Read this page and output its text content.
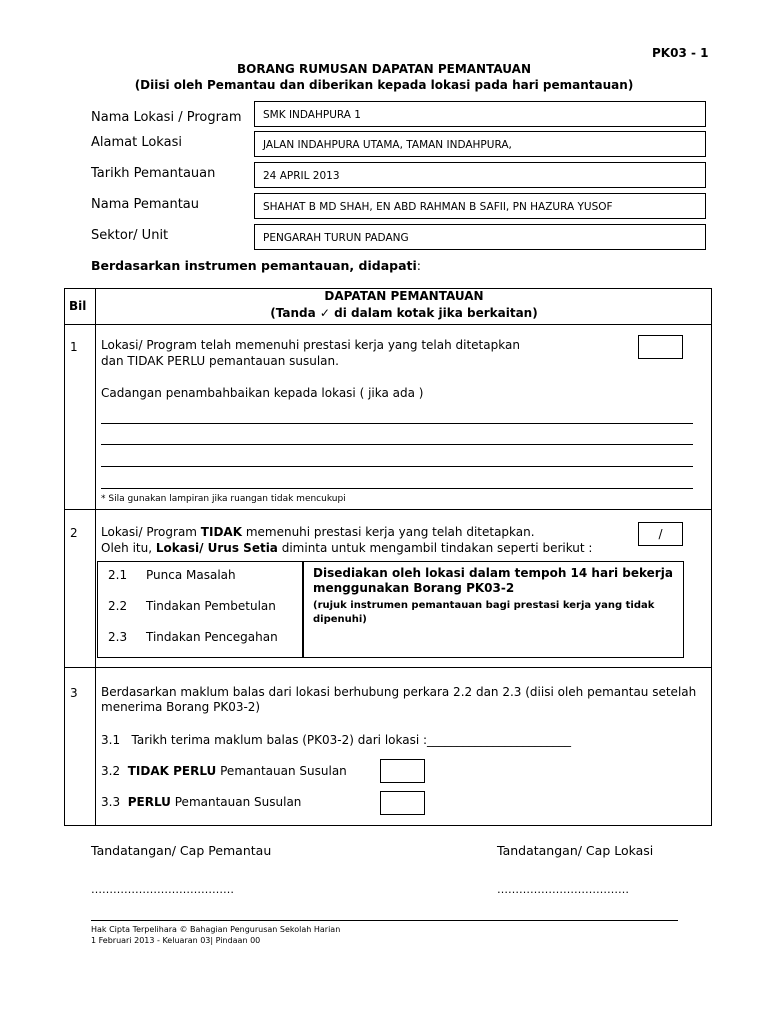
PK03 - 1
BORANG RUMUSAN DAPATAN PEMANTAUAN
(Diisi oleh Pemantau dan diberikan kepada lokasi pada hari pemantauan)
Nama Lokasi / Program	SMK INDAHPURA 1
Alamat Lokasi	JALAN INDAHPURA UTAMA, TAMAN INDAHPURA,
Tarikh Pemantauan	24 APRIL 2013
Nama Pemantau	SHAHAT B MD SHAH, EN ABD RAHMAN B SAFII, PN HAZURA YUSOF
Sektor/ Unit	PENGARAH TURUN PADANG
Berdasarkan instrumen pemantauan, didapati:
Bil
DAPATAN PEMANTAUAN
(Tanda ✓ di dalam kotak jika berkaitan)
1 Lokasi/ Program telah memenuhi prestasi kerja yang telah ditetapkan
dan TIDAK PERLU pemantauan susulan.
Cadangan penambahbaikan kepada lokasi ( jika ada )
* Sila gunakan lampiran jika ruangan tidak mencukupi
2 Lokasi/ Program TIDAK memenuhi prestasi kerja yang telah ditetapkan.
Oleh itu, Lokasi/ Urus Setia diminta untuk mengambil tindakan seperti berikut :
/
2.1 Punca Masalah
2.2 Tindakan Pembetulan
2.3 Tindakan Pencegahan
Disediakan oleh lokasi dalam tempoh 14 hari bekerja menggunakan Borang PK03-2
(rujuk instrumen pemantauan bagi prestasi kerja yang tidak dipenuhi)
3 Berdasarkan maklum balas dari lokasi berhubung perkara 2.2 dan 2.3 (diisi oleh pemantau setelah
menerima Borang PK03-2)
3.1 Tarikh terima maklum balas (PK03-2) dari lokasi :________________________
3.2 TIDAK PERLU Pemantauan Susulan
3.3 PERLU Pemantauan Susulan
Tandatangan/ Cap Pemantau	Tandatangan/ Cap Lokasi
…………………………………	………………………………
Hak Cipta Terpelihara © Bahagian Pengurusan Sekolah Harian
1 Februari 2013 - Keluaran 03| Pindaan 00
